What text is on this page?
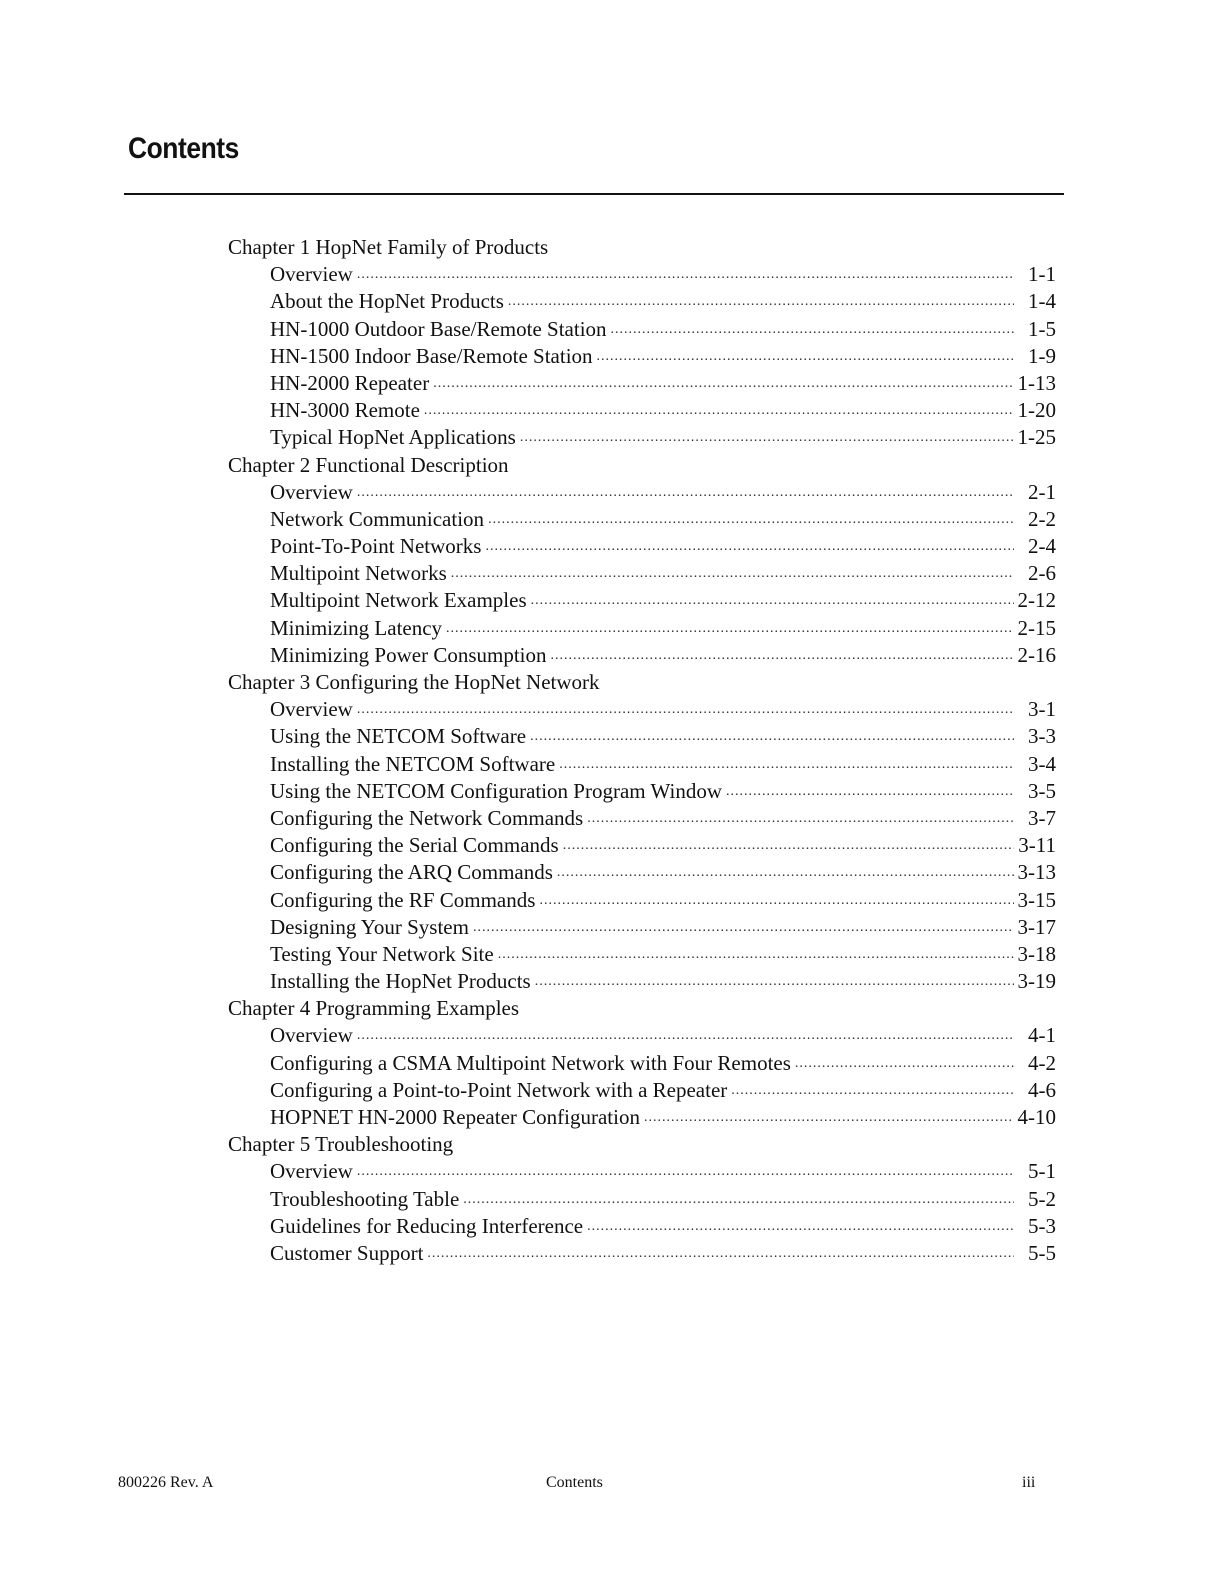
Contents
Chapter 1 HopNet Family of Products
Overview .....	1-1
About the HopNet Products .....	1-4
HN-1000 Outdoor Base/Remote Station .....	1-5
HN-1500 Indoor Base/Remote Station .....	1-9
HN-2000 Repeater .....	1-13
HN-3000 Remote .....	1-20
Typical HopNet Applications .....	1-25
Chapter 2 Functional Description
Overview .....	2-1
Network Communication .....	2-2
Point-To-Point Networks .....	2-4
Multipoint Networks .....	2-6
Multipoint Network Examples .....	2-12
Minimizing Latency .....	2-15
Minimizing Power Consumption .....	2-16
Chapter 3 Configuring the HopNet Network
Overview .....	3-1
Using the NETCOM Software .....	3-3
Installing the NETCOM Software .....	3-4
Using the NETCOM Configuration Program Window .....	3-5
Configuring the Network Commands .....	3-7
Configuring the Serial Commands .....	3-11
Configuring the ARQ Commands .....	3-13
Configuring the RF Commands .....	3-15
Designing Your System .....	3-17
Testing Your Network Site .....	3-18
Installing the HopNet Products .....	3-19
Chapter 4 Programming Examples
Overview .....	4-1
Configuring a CSMA Multipoint Network with Four Remotes .....	4-2
Configuring a Point-to-Point Network with a Repeater .....	4-6
HOPNET HN-2000 Repeater Configuration .....	4-10
Chapter 5 Troubleshooting
Overview .....	5-1
Troubleshooting Table .....	5-2
Guidelines for Reducing Interference .....	5-3
Customer Support .....	5-5
800226 Rev. A	Contents	iii
